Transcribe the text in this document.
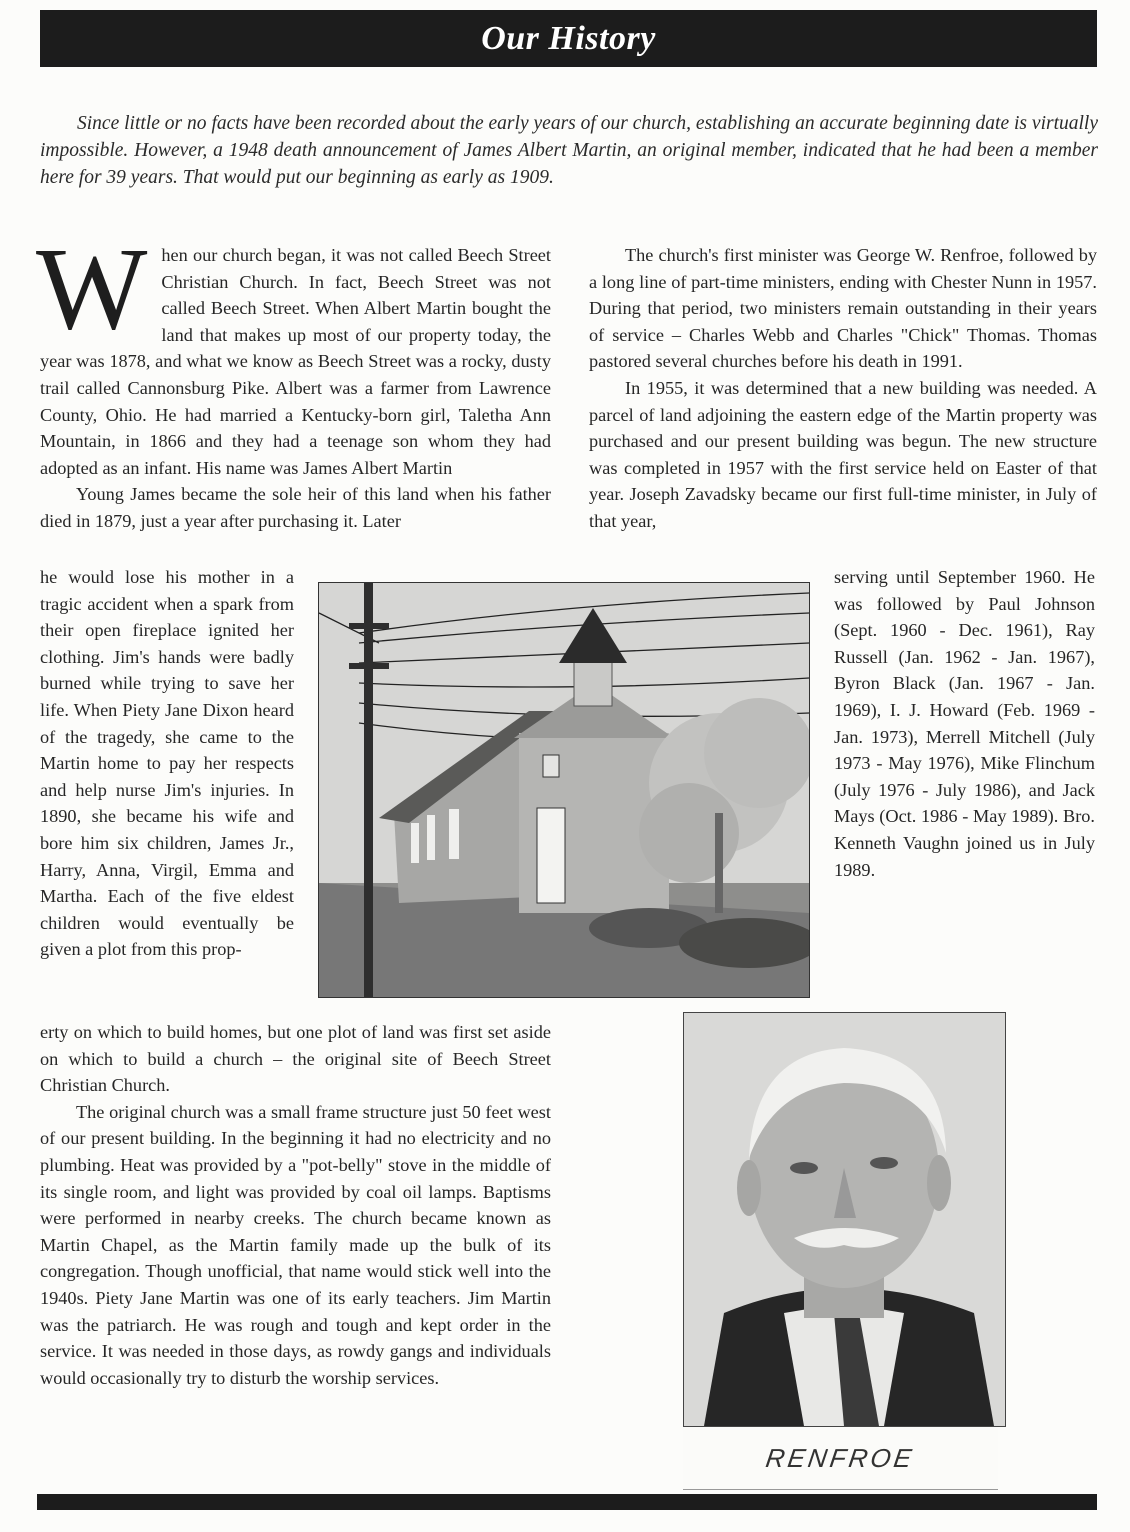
Our History

Since little or no facts have been recorded about the early years of our church, establishing an accurate beginning date is virtually impossible. However, a 1948 death announcement of James Albert Martin, an original member, indicated that he had been a member here for 39 years. That would put our beginning as early as 1909.

When our church began, it was not called Beech Street Christian Church. In fact, Beech Street was not called Beech Street. When Albert Martin bought the land that makes up most of our property today, the year was 1878, and what we know as Beech Street was a rocky, dusty trail called Cannonsburg Pike. Albert was a farmer from Lawrence County, Ohio. He had married a Kentucky-born girl, Taletha Ann Mountain, in 1866 and they had a teenage son whom they had adopted as an infant. His name was James Albert Martin

Young James became the sole heir of this land when his father died in 1879, just a year after purchasing it. Later

he would lose his mother in a tragic accident when a spark from their open fireplace ignited her clothing. Jim's hands were badly burned while trying to save her life. When Piety Jane Dixon heard of the tragedy, she came to the Martin home to pay her respects and help nurse Jim's injuries. In 1890, she became his wife and bore him six children, James Jr., Harry, Anna, Virgil, Emma and Martha. Each of the five eldest children would eventually be given a plot from this prop-

erty on which to build homes, but one plot of land was first set aside on which to build a church – the original site of Beech Street Christian Church.

The original church was a small frame structure just 50 feet west of our present building. In the beginning it had no electricity and no plumbing. Heat was provided by a "pot-belly" stove in the middle of its single room, and light was provided by coal oil lamps. Baptisms were performed in nearby creeks. The church became known as Martin Chapel, as the Martin family made up the bulk of its congregation. Though unofficial, that name would stick well into the 1940s. Piety Jane Martin was one of its early teachers. Jim Martin was the patriarch. He was rough and tough and kept order in the service. It was needed in those days, as rowdy gangs and individuals would occasionally try to disturb the worship services.

The church's first minister was George W. Renfroe, followed by a long line of part-time ministers, ending with Chester Nunn in 1957. During that period, two ministers remain outstanding in their years of service – Charles Webb and Charles "Chick" Thomas. Thomas pastored several churches before his death in 1991.

In 1955, it was determined that a new building was needed. A parcel of land adjoining the eastern edge of the Martin property was purchased and our present building was begun. The new structure was completed in 1957 with the first service held on Easter of that year. Joseph Zavadsky became our first full-time minister, in July of that year,

serving until September 1960. He was followed by Paul Johnson (Sept. 1960 - Dec. 1961), Ray Russell (Jan. 1962 - Jan. 1967), Byron Black (Jan. 1967 - Jan. 1969), I. J. Howard (Feb. 1969 - Jan. 1973), Merrell Mitchell (July 1973 - May 1976), Mike Flinchum (July 1976 - July 1986), and Jack Mays (Oct. 1986 - May 1989). Bro. Kenneth Vaughn joined us in July 1989.

RENFROE
